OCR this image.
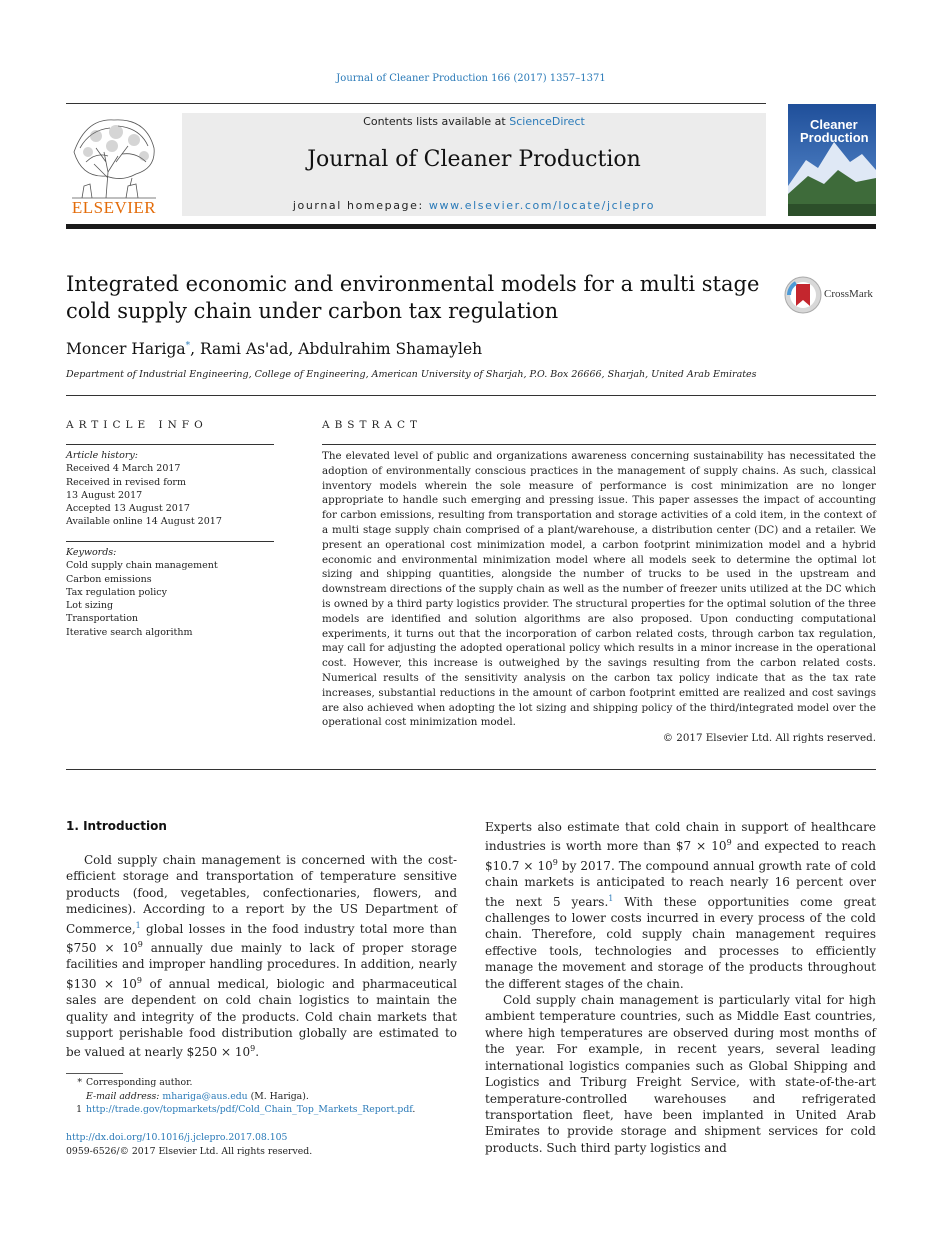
Journal of Cleaner Production 166 (2017) 1357–1371
ELSEVIER
Contents lists available at ScienceDirect
Journal of Cleaner Production
journal homepage: www.elsevier.com/locate/jclepro
Cleaner
Production
Integrated economic and environmental models for a multi stage cold supply chain under carbon tax regulation
CrossMark
Moncer Hariga*, Rami As'ad, Abdulrahim Shamayleh
Department of Industrial Engineering, College of Engineering, American University of Sharjah, P.O. Box 26666, Sharjah, United Arab Emirates
ARTICLE INFO	ABSTRACT
Article history:
Received 4 March 2017
Received in revised form
13 August 2017
Accepted 13 August 2017
Available online 14 August 2017
Keywords:
Cold supply chain management
Carbon emissions
Tax regulation policy
Lot sizing
Transportation
Iterative search algorithm
The elevated level of public and organizations awareness concerning sustainability has necessitated the adoption of environmentally conscious practices in the management of supply chains. As such, classical inventory models wherein the sole measure of performance is cost minimization are no longer appropriate to handle such emerging and pressing issue. This paper assesses the impact of accounting for carbon emissions, resulting from transportation and storage activities of a cold item, in the context of a multi stage supply chain comprised of a plant/warehouse, a distribution center (DC) and a retailer. We present an operational cost minimization model, a carbon footprint minimization model and a hybrid economic and environmental minimization model where all models seek to determine the optimal lot sizing and shipping quantities, alongside the number of trucks to be used in the upstream and downstream directions of the supply chain as well as the number of freezer units utilized at the DC which is owned by a third party logistics provider. The structural properties for the optimal solution of the three models are identified and solution algorithms are also proposed. Upon conducting computational experiments, it turns out that the incorporation of carbon related costs, through carbon tax regulation, may call for adjusting the adopted operational policy which results in a minor increase in the operational cost. However, this increase is outweighed by the savings resulting from the carbon related costs. Numerical results of the sensitivity analysis on the carbon tax policy indicate that as the tax rate increases, substantial reductions in the amount of carbon footprint emitted are realized and cost savings are also achieved when adopting the lot sizing and shipping policy of the third/integrated model over the operational cost minimization model.
© 2017 Elsevier Ltd. All rights reserved.
1. Introduction

Cold supply chain management is concerned with the cost-efficient storage and transportation of temperature sensitive products (food, vegetables, confectionaries, flowers, and medicines). According to a report by the US Department of Commerce,$^1$ global losses in the food industry total more than $750 × $10^9$ annually due mainly to lack of proper storage facilities and improper handling procedures. In addition, nearly $130 × $10^9$ of annual medical, biologic and pharmaceutical sales are dependent on cold chain logistics to maintain the quality and integrity of the products. Cold chain markets that support perishable food distribution globally are estimated to be valued at nearly $250 × $10^9$.

Experts also estimate that cold chain in support of healthcare industries is worth more than $7 × $10^9$ and expected to reach $10.7 × $10^9$ by 2017. The compound annual growth rate of cold chain markets is anticipated to reach nearly 16 percent over the next 5 years.$^1$ With these opportunities come great challenges to lower costs incurred in every process of the cold chain. Therefore, cold supply chain management requires effective tools, technologies and processes to efficiently manage the movement and storage of the products throughout the different stages of the chain.

Cold supply chain management is particularly vital for high ambient temperature countries, such as Middle East countries, where high temperatures are observed during most months of the year. For example, in recent years, several leading international logistics companies such as Global Shipping and Logistics and Triburg Freight Service, with state-of-the-art temperature-controlled warehouses and refrigerated transportation fleet, have been implanted in United Arab Emirates to provide storage and shipment services for cold products. Such third party logistics and

* Corresponding author.
E-mail address: mhariga@aus.edu (M. Hariga).
1 http://trade.gov/topmarkets/pdf/Cold_Chain_Top_Markets_Report.pdf.
http://dx.doi.org/10.1016/j.jclepro.2017.08.105
0959-6526/© 2017 Elsevier Ltd. All rights reserved.
